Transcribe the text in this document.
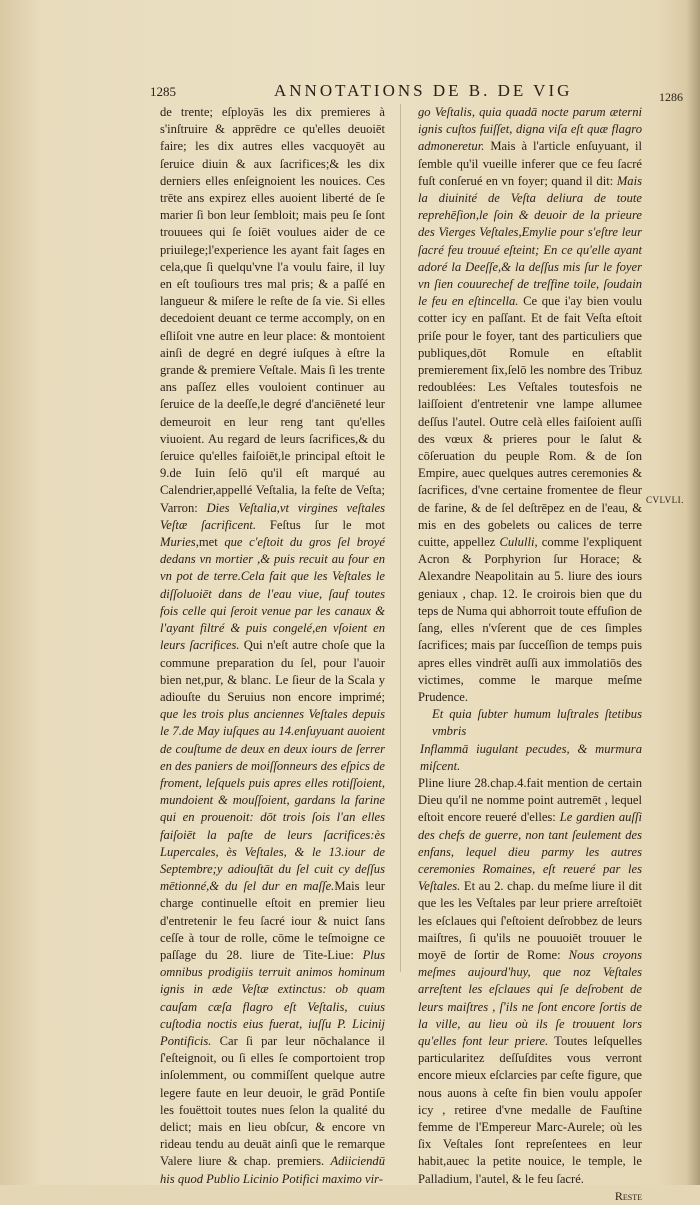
1285	ANNOTATIONS DE B. DE VIG	1286

de trente; eſployās les dix premieres à s'inſtruire & apprēdre ce qu'elles deuoiēt faire; les dix autres elles vacquoyēt au ſeruice diuin & aux ſacrifices;& les dix derniers elles enſeignoient les nouices. Ces trēte ans expirez elles auoient liberté de ſe marier ſi bon leur ſembloit; mais peu ſe ſont trouuees qui ſe ſoiēt voulues aider de ce priuilege;l'experience les ayant fait ſages en cela,que ſi quelqu'vne l'a voulu faire, il luy en eſt touſiours tres mal pris; & a paſſé en langueur & miſere le reſte de ſa vie. Si elles decedoient deuant ce terme accomply, on en eſliſoit vne autre en leur place: & montoient ainſi de degré en degré iuſques à eſtre la grande & premiere Veſtale. Mais ſi les trente ans paſſez elles vouloient continuer au ſeruice de la deeſſe,le degré d'anciēneté leur demeuroit en leur reng tant qu'elles viuoient. Au regard de leurs ſacrifices,& du ſeruice qu'elles faiſoiēt,le principal eſtoit le 9.de Iuin ſelō qu'il eſt marqué au Calendrier,appellé Veſtalia, la feſte de Veſta; Varron: Dies Veſtalia,vt virgines veſtales Veſtæ ſacrificent. Feſtus ſur le mot Muries,met que c'eſtoit du gros ſel broyé dedans vn mortier ,& puis recuit au four en vn pot de terre.Cela fait que les Veſtales le diſſoluoiēt dans de l'eau viue, ſauf toutes fois celle qui ſeroit venue par les canaux & l'ayant filtré & puis congelé,en vſoient en leurs ſacrifices. Qui n'eſt autre choſe que la commune preparation du ſel, pour l'auoir bien net,pur, & blanc. Le ſieur de la Scala y adiouſte du Seruius non encore imprimé; que les trois plus anciennes Veſtales depuis le 7.de May iuſques au 14.enſuyuant auoient de couſtume de deux en deux iours de ſerrer en des paniers de moiſſonneurs des eſpics de froment, leſquels puis apres elles rotiſſoient, mundoient & mouſſoient, gardans la farine qui en prouenoit: dōt trois ſois l'an elles faiſoiēt la paſte de leurs ſacrifices:ès Lupercales, ès Veſtales, & le 13.iour de Septembre;y adiouſtāt du ſel cuit cy deſſus mētionné,& du ſel dur en maſſe.Mais leur charge continuelle eſtoit en premier lieu d'entretenir le feu ſacré iour & nuict ſans ceſſe à tour de rolle, cōme le teſmoigne ce paſſage du 28. liure de Tite-Liue: Plus omnibus prodigiis terruit animos hominum ignis in æde Veſtæ extinctus: ob quam cauſam cæſa flagro eſt Veſtalis, cuius cuſtodia noctis eius fuerat, iuſſu P. Licinij Pontificis. Car ſi par leur nōchalance il ſ'eſteignoit, ou ſi elles ſe comportoient trop inſolemment, ou commiſſent quelque autre legere faute en leur deuoir, le grād Pontiſe les fouëttoit toutes nues ſelon la qualité du delict; mais en lieu obſcur, & encore vn rideau tendu au deuāt ainſi que le remarque Valere liure & chap. premiers. Adiiciendū his quod Publio Licinio Potifici maximo vir-

go Veſtalis, quia quadā nocte parum æterni ignis cuſtos fuiſſet, digna viſa eſt quæ flagro admoneretur. Mais à l'article enſuyuant, il ſemble qu'il vueille inferer que ce feu ſacré fuſt conſerué en vn foyer; quand il dit: Mais la diuinité de Veſta deliura de toute reprehēſion,le ſoin & deuoir de la prieure des Vierges Veſtales,Emylie pour s'eſtre leur ſacré feu trouué eſteint; En ce qu'elle ayant adoré la Deeſſe,& la deſſus mis ſur le foyer vn ſien couurechef de treſfine toile, ſoudain le feu en eſtincella. Ce que i'ay bien voulu cotter icy en paſſant. Et de fait Veſta eſtoit priſe pour le foyer, tant des particuliers que publiques,dōt Romule en eſtablit premierement ſix,ſelō les nombre des Tribuz redoublées: Les Veſtales toutesfois ne laiſſoient d'entretenir vne lampe allumee deſſus l'autel. Outre celà elles faiſoient auſſi des vœux & prieres pour le ſalut & cōſeruation du peuple Rom. & de ſon Empire, auec quelques autres ceremonies & ſacrifices, d'vne certaine fromentee de fleur de farine, & de ſel deſtrēpez en de l'eau, & mis en des gobelets ou calices de terre cuitte, appellez Cululli, comme l'expliquent Acron & Porphyrion ſur Horace; & Alexandre Neapolitain au 5. liure des iours geniaux , chap. 12. Ie croirois bien que du teps de Numa qui abhorroit toute effuſion de ſang, elles n'vſerent que de ces ſimples ſacrifices; mais par ſucceſſion de temps puis apres elles vindrēt auſſi aux immolatiōs des victimes, comme le marque meſme Prudence.

Et quia ſubter humum luſtrales ſtetibus vmbris

Inflammā iugulant pecudes, & murmura miſcent.

Pline liure 28.chap.4.fait mention de certain Dieu qu'il ne nomme point autremēt , lequel eſtoit encore reueré d'elles: Le gardien auſſi des chefs de guerre, non tant ſeulement des enfans, lequel dieu parmy les autres ceremonies Romaines, eſt reueré par les Veſtales. Et au 2. chap. du meſme liure il dit que les les Veſtales par leur priere arreſtoiēt les eſclaues qui ſ'eſtoient deſrobbez de leurs maiſtres, ſi qu'ils ne pouuoiēt trouuer le moyē de ſortir de Rome: Nous croyons meſmes aujourd'huy, que noz Veſtales arreſtent les eſclaues qui ſe deſrobent de leurs maiſtres , ſ'ils ne ſont encore ſortis de la ville, au lieu où ils ſe trouuent lors qu'elles font leur priere. Toutes leſquelles particularitez deſſuſdites vous verront encore mieux eſclarcies par ceſte figure, que nous auons à ceſte fin bien voulu appoſer icy , retiree d'vne medalle de Fauſtine femme de l'Empereur Marc-Aurele; où les ſix Veſtales ſont repreſentees en leur habit,auec la petite nouice, le temple, le Palladium, l'autel, & le feu ſacré.

Reste

CVLVLI.
